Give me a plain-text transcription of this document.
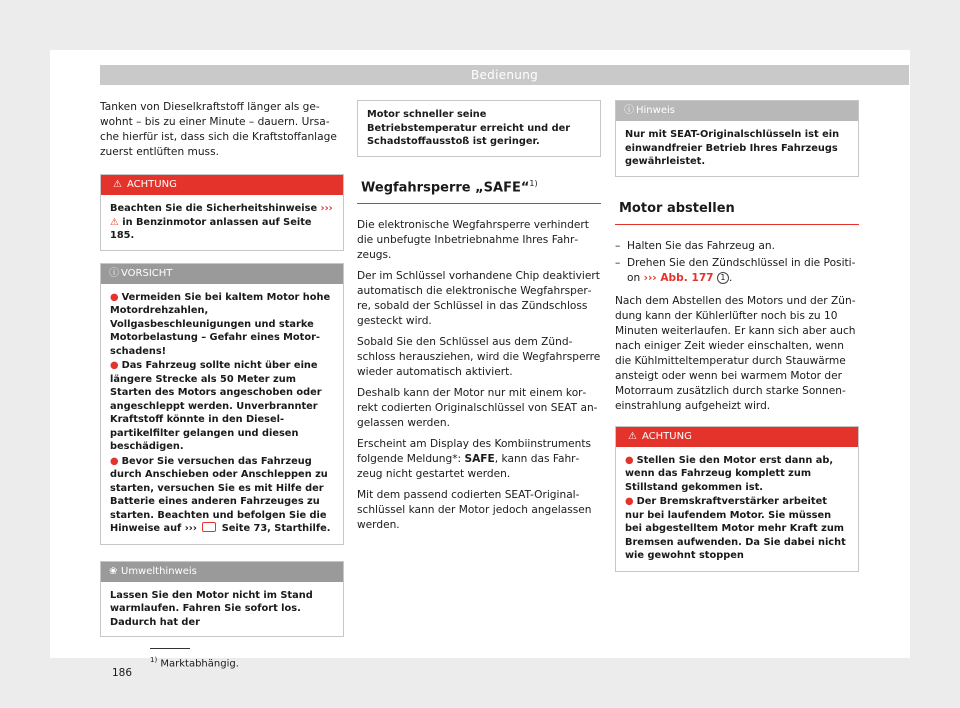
Bedienung

Tanken von Dieselkraftstoff länger als gewohnt – bis zu einer Minute – dauern. Ursache hierfür ist, dass sich die Kraftstoffanlage zuerst entlüften muss.

⚠ ACHTUNG
Beachten Sie die Sicherheitshinweise ››› ⚠ in Benzinmotor anlassen auf Seite 185.
ⓘ VORSICHT
● Vermeiden Sie bei kaltem Motor hohe Motordrehzahlen, Vollgasbeschleunigungen und starke Motorbelastung – Gefahr eines Motorschadens!
● Das Fahrzeug sollte nicht über eine längere Strecke als 50 Meter zum Starten des Motors angeschoben oder angeschleppt werden. Unverbrannter Kraftstoff könnte in den Dieselpartikelfilter gelangen und diesen beschädigen.
● Bevor Sie versuchen das Fahrzeug durch Anschieben oder Anschleppen zu starten, versuchen Sie es mit Hilfe der Batterie eines anderen Fahrzeuges zu starten. Beachten und befolgen Sie die Hinweise auf ›››	Seite 73, Starthilfe.
❀ Umwelthinweis
Lassen Sie den Motor nicht im Stand warmlaufen. Fahren Sie sofort los. Dadurch hat der
Motor schneller seine Betriebstemperatur erreicht und der Schadstoffausstoß ist geringer.
Wegfahrsperre „SAFE“$^{1)}$

Die elektronische Wegfahrsperre verhindert die unbefugte Inbetriebnahme Ihres Fahrzeugs.

Der im Schlüssel vorhandene Chip deaktiviert automatisch die elektronische Wegfahrsperre, sobald der Schlüssel in das Zündschloss gesteckt wird.

Sobald Sie den Schlüssel aus dem Zündschloss herausziehen, wird die Wegfahrsperre wieder automatisch aktiviert.

Deshalb kann der Motor nur mit einem korrekt codierten Originalschlüssel von SEAT angelassen werden.

Erscheint am Display des Kombiinstruments folgende Meldung*: SAFE, kann das Fahrzeug nicht gestartet werden.

Mit dem passend codierten SEAT-Originalschlüssel kann der Motor jedoch angelassen werden.

ⓘ Hinweis
Nur mit SEAT-Originalschlüsseln ist ein einwandfreier Betrieb Ihres Fahrzeugs gewährleistet.
Motor abstellen
– Halten Sie das Fahrzeug an.
– Drehen Sie den Zündschlüssel in die Position ››› Abb. 177 1 .

Nach dem Abstellen des Motors und der Zündung kann der Kühlerlüfter noch bis zu 10 Minuten weiterlaufen. Er kann sich aber auch nach einiger Zeit wieder einschalten, wenn die Kühlmitteltemperatur durch Stauwärme ansteigt oder wenn bei warmem Motor der Motorraum zusätzlich durch starke Sonneneinstrahlung aufgeheizt wird.

⚠ ACHTUNG
● Stellen Sie den Motor erst dann ab, wenn das Fahrzeug komplett zum Stillstand gekommen ist.
● Der Bremskraftverstärker arbeitet nur bei laufendem Motor. Sie müssen bei abgestelltem Motor mehr Kraft zum Bremsen aufwenden. Da Sie dabei nicht wie gewohnt stoppen
$^{1)}$ Marktabhängig.
186
